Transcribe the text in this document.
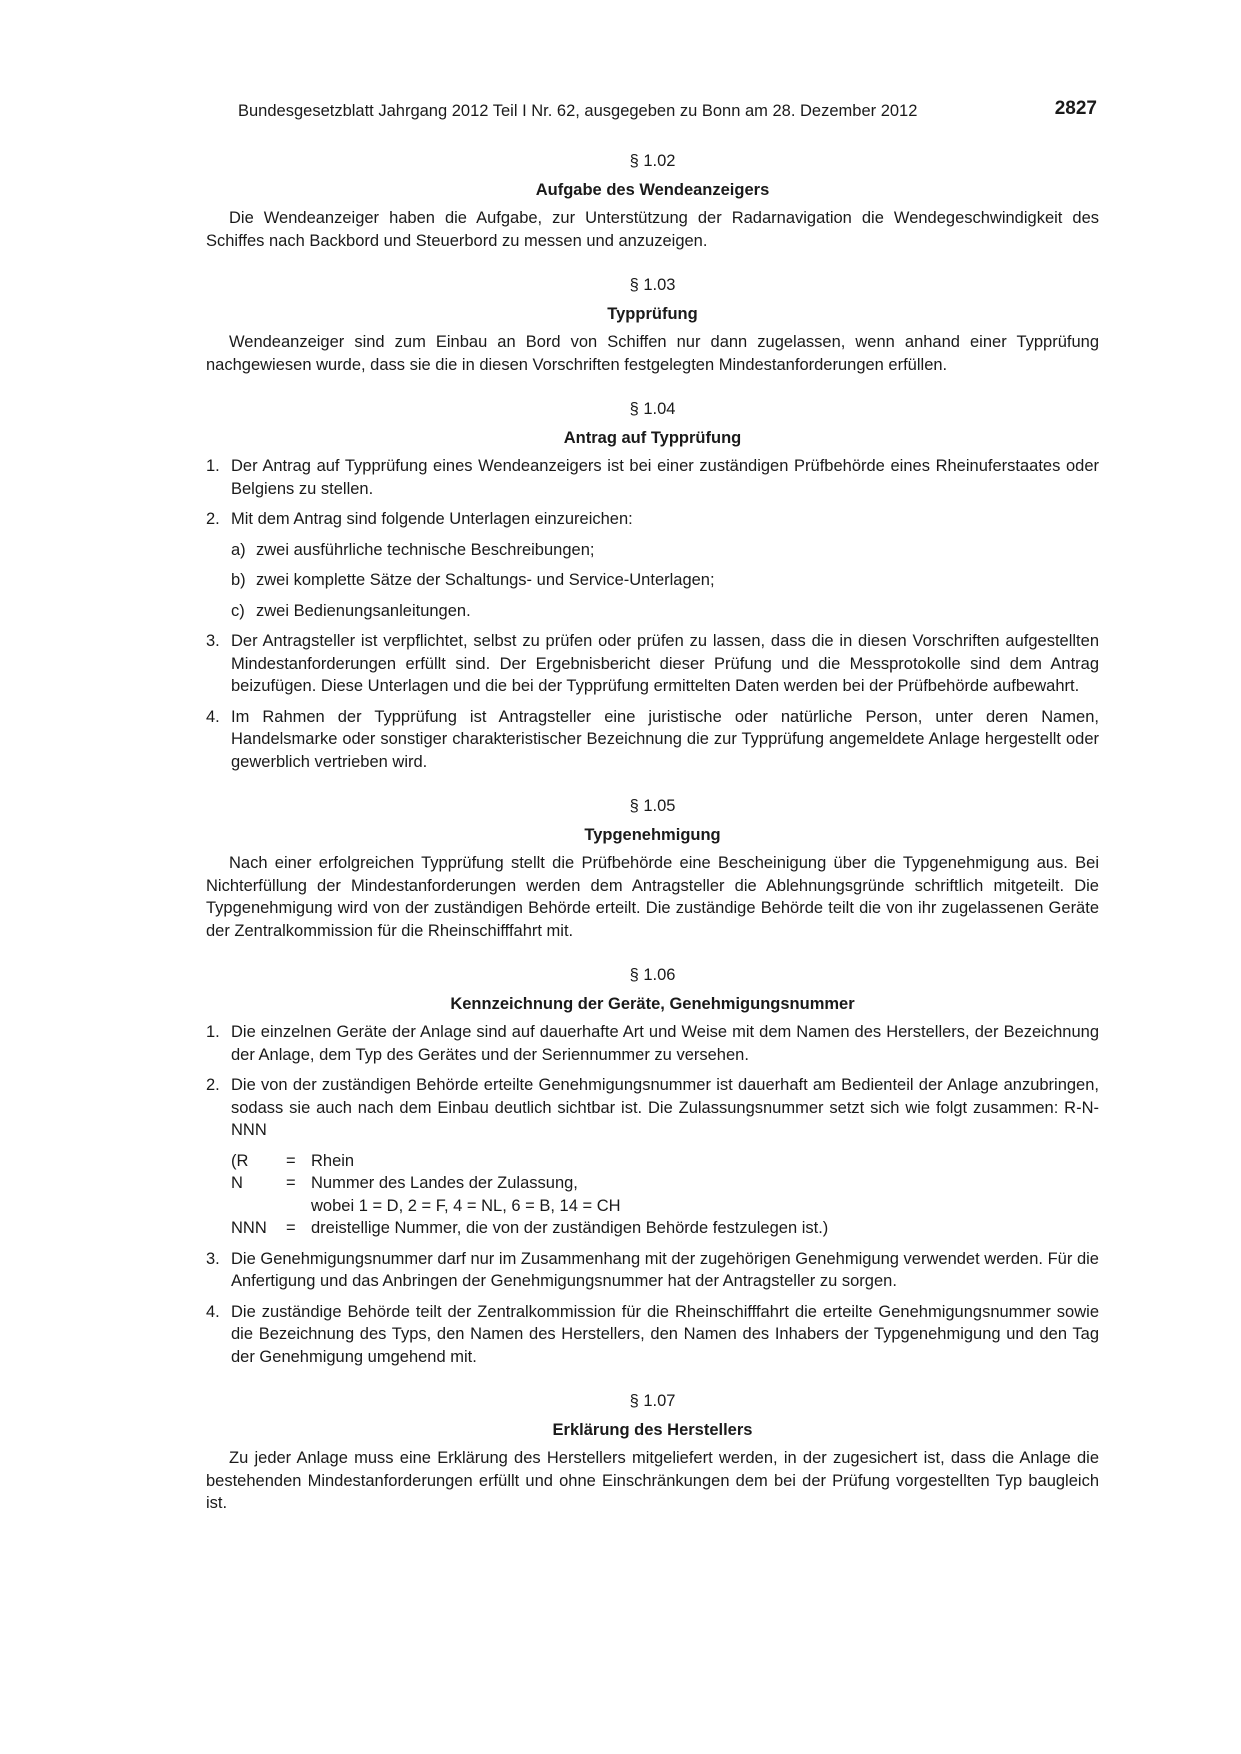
Bundesgesetzblatt Jahrgang 2012 Teil I Nr. 62, ausgegeben zu Bonn am 28. Dezember 2012	2827
§ 1.02
Aufgabe des Wendeanzeigers

Die Wendeanzeiger haben die Aufgabe, zur Unterstützung der Radarnavigation die Wendegeschwindigkeit des Schiffes nach Backbord und Steuerbord zu messen und anzuzeigen.

§ 1.03
Typprüfung

Wendeanzeiger sind zum Einbau an Bord von Schiffen nur dann zugelassen, wenn anhand einer Typprüfung nachgewiesen wurde, dass sie die in diesen Vorschriften festgelegten Mindestanforderungen erfüllen.

§ 1.04
Antrag auf Typprüfung
1. Der Antrag auf Typprüfung eines Wendeanzeigers ist bei einer zuständigen Prüfbehörde eines Rheinuferstaates oder Belgiens zu stellen.
2. Mit dem Antrag sind folgende Unterlagen einzureichen:
a) zwei ausführliche technische Beschreibungen;
b) zwei komplette Sätze der Schaltungs- und Service-Unterlagen;
c) zwei Bedienungsanleitungen.
3. Der Antragsteller ist verpflichtet, selbst zu prüfen oder prüfen zu lassen, dass die in diesen Vorschriften aufgestellten Mindestanforderungen erfüllt sind. Der Ergebnisbericht dieser Prüfung und die Messprotokolle sind dem Antrag beizufügen. Diese Unterlagen und die bei der Typprüfung ermittelten Daten werden bei der Prüfbehörde aufbewahrt.
4. Im Rahmen der Typprüfung ist Antragsteller eine juristische oder natürliche Person, unter deren Namen, Handelsmarke oder sonstiger charakteristischer Bezeichnung die zur Typprüfung angemeldete Anlage hergestellt oder gewerblich vertrieben wird.
§ 1.05
Typgenehmigung

Nach einer erfolgreichen Typprüfung stellt die Prüfbehörde eine Bescheinigung über die Typgenehmigung aus. Bei Nichterfüllung der Mindestanforderungen werden dem Antragsteller die Ablehnungsgründe schriftlich mitgeteilt. Die Typgenehmigung wird von der zuständigen Behörde erteilt. Die zuständige Behörde teilt die von ihr zugelassenen Geräte der Zentralkommission für die Rheinschifffahrt mit.

§ 1.06
Kennzeichnung der Geräte, Genehmigungsnummer
1. Die einzelnen Geräte der Anlage sind auf dauerhafte Art und Weise mit dem Namen des Herstellers, der Bezeichnung der Anlage, dem Typ des Gerätes und der Seriennummer zu versehen.
2. Die von der zuständigen Behörde erteilte Genehmigungsnummer ist dauerhaft am Bedienteil der Anlage anzubringen, sodass sie auch nach dem Einbau deutlich sichtbar ist. Die Zulassungsnummer setzt sich wie folgt zusammen: R-N-NNN
(R	=	Rhein
N	=	Nummer des Landes der Zulassung,
		wobei 1 = D, 2 = F, 4 = NL, 6 = B, 14 = CH
NNN	=	dreistellige Nummer, die von der zuständigen Behörde festzulegen ist.)
3. Die Genehmigungsnummer darf nur im Zusammenhang mit der zugehörigen Genehmigung verwendet werden. Für die Anfertigung und das Anbringen der Genehmigungsnummer hat der Antragsteller zu sorgen.
4. Die zuständige Behörde teilt der Zentralkommission für die Rheinschifffahrt die erteilte Genehmigungsnummer sowie die Bezeichnung des Typs, den Namen des Herstellers, den Namen des Inhabers der Typgenehmigung und den Tag der Genehmigung umgehend mit.
§ 1.07
Erklärung des Herstellers

Zu jeder Anlage muss eine Erklärung des Herstellers mitgeliefert werden, in der zugesichert ist, dass die Anlage die bestehenden Mindestanforderungen erfüllt und ohne Einschränkungen dem bei der Prüfung vorgestellten Typ baugleich ist.
